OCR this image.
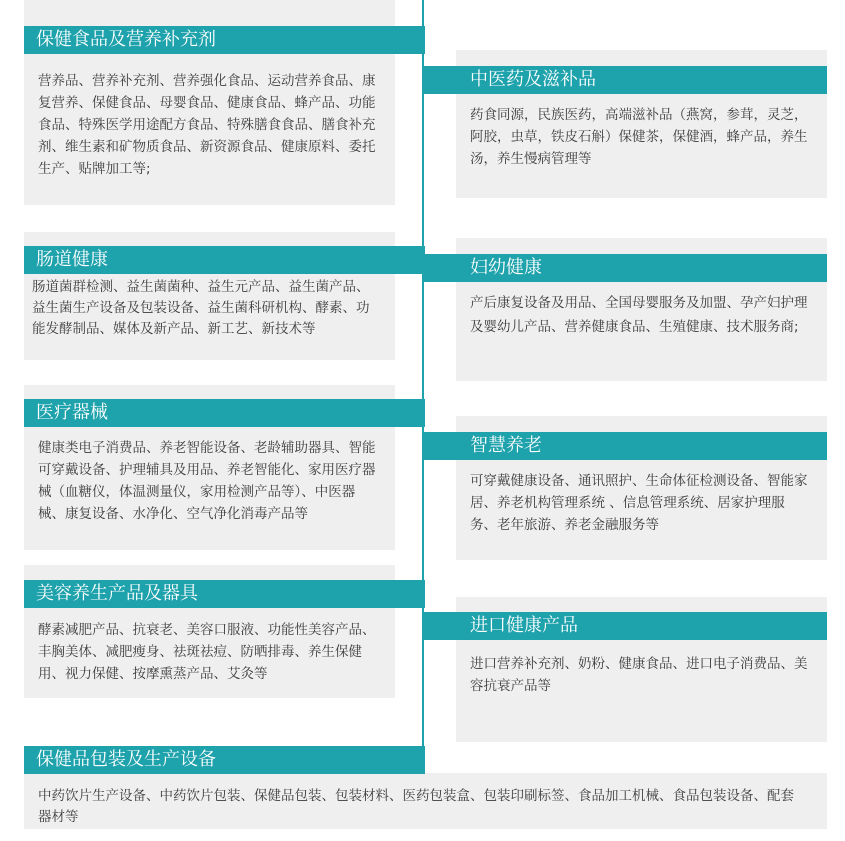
保健食品及营养补充剂
营养品、营养补充剂、营养强化食品、运动营养食品、康复营养、保健食品、母婴食品、健康食品、蜂产品、功能食品、特殊医学用途配方食品、特殊膳食食品、膳食补充剂、维生素和矿物质食品、新资源食品、健康原料、委托生产、贴牌加工等;
肠道健康
肠道菌群检测、益生菌菌种、益生元产品、益生菌产品、益生菌生产设备及包装设备、益生菌科研机构、酵素、功能发酵制品、媒体及新产品、新工艺、新技术等
医疗器械
健康类电子消费品、养老智能设备、老龄辅助器具、智能可穿戴设备、护理辅具及用品、养老智能化、家用医疗器械（血糖仪，体温测量仪，家用检测产品等）、中医器械、康复设备、水净化、空气净化消毒产品等
美容养生产品及器具
酵素减肥产品、抗衰老、美容口服液、功能性美容产品、丰胸美体、减肥瘦身、祛斑祛痘、防晒排毒、养生保健用、视力保健、按摩熏蒸产品、艾灸等
中医药及滋补品
药食同源，民族医药，高端滋补品（燕窝，参茸，灵芝，阿胶，虫草，铁皮石斛）保健茶，保健酒，蜂产品，养生汤，养生慢病管理等
妇幼健康
产后康复设备及用品、全国母婴服务及加盟、孕产妇护理及婴幼儿产品、营养健康食品、生殖健康、技术服务商;
智慧养老
可穿戴健康设备、通讯照护、生命体征检测设备、智能家居、养老机构管理系统 、信息管理系统、居家护理服务、老年旅游、养老金融服务等
进口健康产品
进口营养补充剂、奶粉、健康食品、进口电子消费品、美容抗衰产品等
保健品包装及生产设备
中药饮片生产设备、中药饮片包装、保健品包装、包装材料、医药包装盒、包装印刷标签、食品加工机械、食品包装设备、配套器材等
